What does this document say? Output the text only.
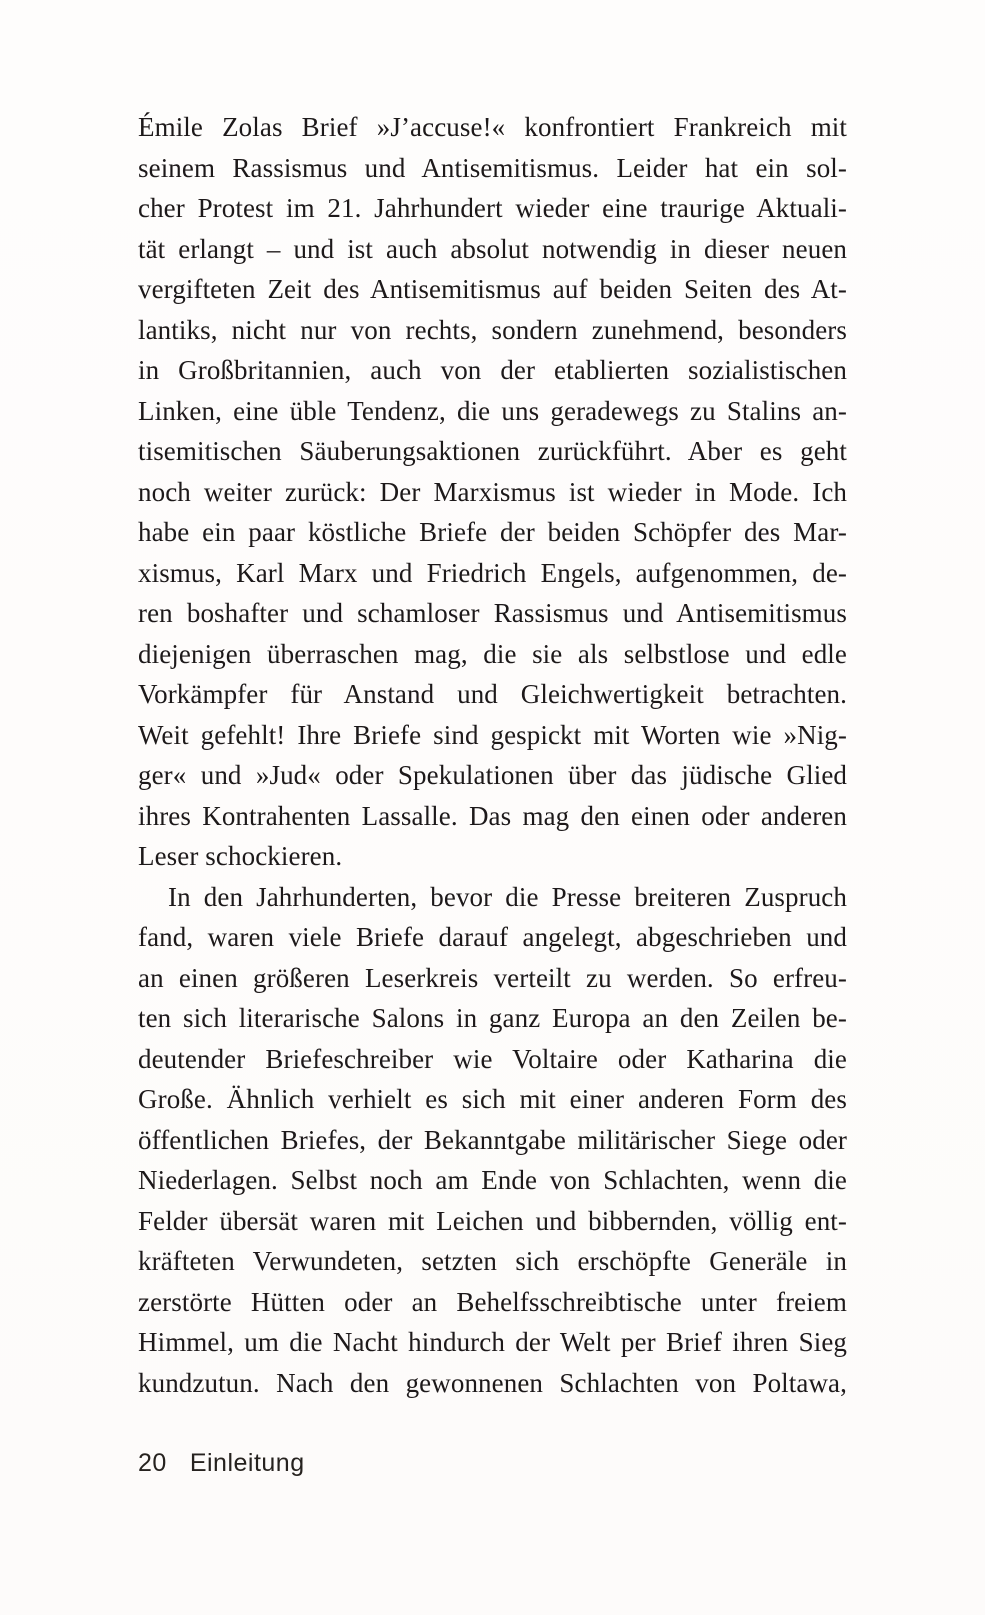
Émile Zolas Brief »J’accuse!« konfrontiert Frankreich mit
seinem Rassismus und Antisemitismus. Leider hat ein sol-
cher Protest im 21. Jahrhundert wieder eine traurige Aktuali-
tät erlangt – und ist auch absolut notwendig in dieser neuen
vergifteten Zeit des Antisemitismus auf beiden Seiten des At-
lantiks, nicht nur von rechts, sondern zunehmend, besonders
in Großbritannien, auch von der etablierten sozialistischen
Linken, eine üble Tendenz, die uns geradewegs zu Stalins an-
tisemitischen Säuberungsaktionen zurückführt. Aber es geht
noch weiter zurück: Der Marxismus ist wieder in Mode. Ich
habe ein paar köstliche Briefe der beiden Schöpfer des Mar-
xismus, Karl Marx und Friedrich Engels, aufgenommen, de-
ren boshafter und schamloser Rassismus und Antisemitismus
diejenigen überraschen mag, die sie als selbstlose und edle
Vorkämpfer für Anstand und Gleichwertigkeit betrachten.
Weit gefehlt! Ihre Briefe sind gespickt mit Worten wie »Nig-
ger« und »Jud« oder Spekulationen über das jüdische Glied
ihres Kontrahenten Lassalle. Das mag den einen oder anderen
Leser schockieren.
In den Jahrhunderten, bevor die Presse breiteren Zuspruch
fand, waren viele Briefe darauf angelegt, abgeschrieben und
an einen größeren Leserkreis verteilt zu werden. So erfreu-
ten sich literarische Salons in ganz Europa an den Zeilen be-
deutender Briefeschreiber wie Voltaire oder Katharina die
Große. Ähnlich verhielt es sich mit einer anderen Form des
öffentlichen Briefes, der Bekanntgabe militärischer Siege oder
Niederlagen. Selbst noch am Ende von Schlachten, wenn die
Felder übersät waren mit Leichen und bibbernden, völlig ent-
kräfteten Verwundeten, setzten sich erschöpfte Generäle in
zerstörte Hütten oder an Behelfsschreibtische unter freiem
Himmel, um die Nacht hindurch der Welt per Brief ihren Sieg
kundzutun. Nach den gewonnenen Schlachten von Poltawa,
20 Einleitung
